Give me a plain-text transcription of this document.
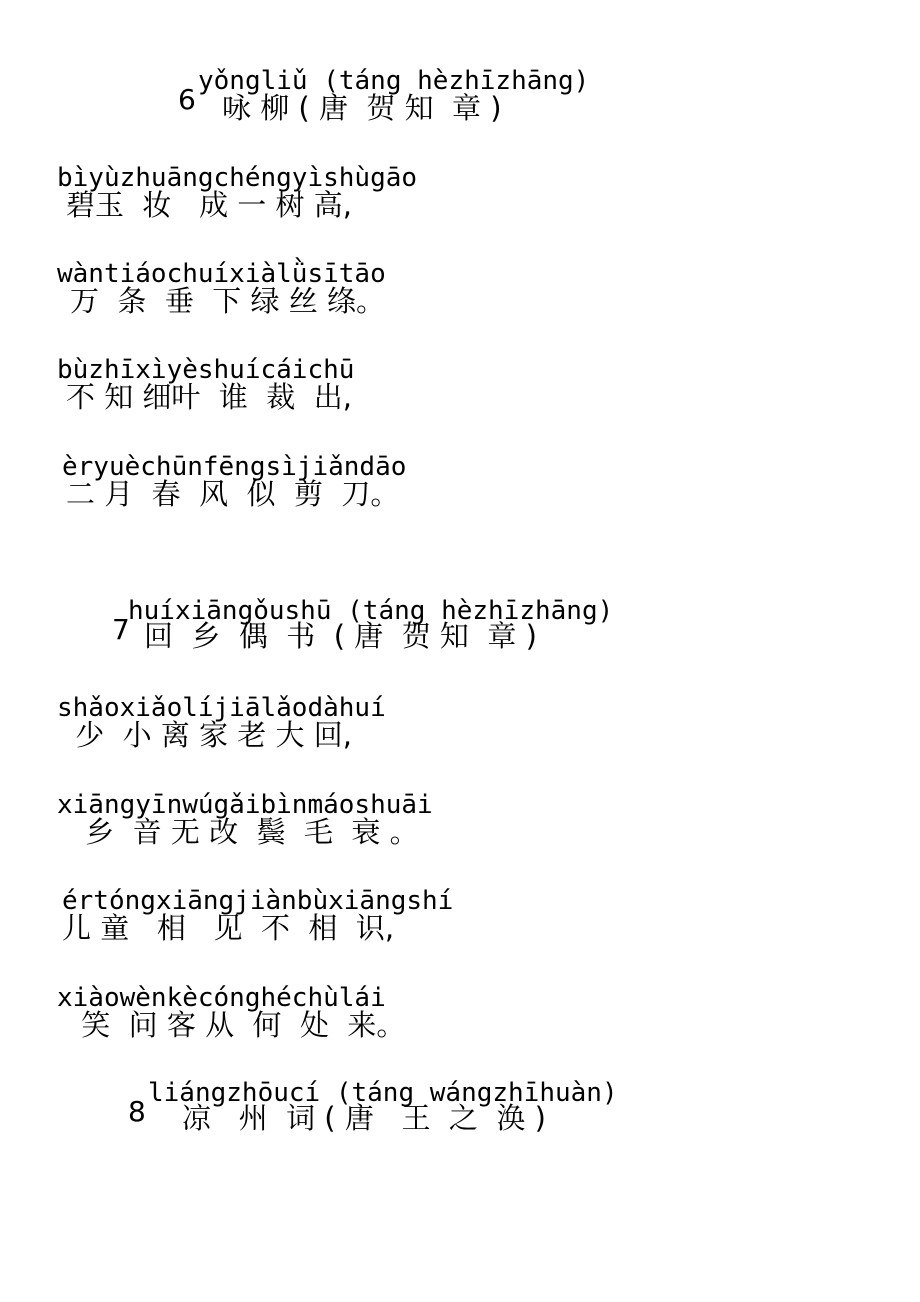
6
yǒngliǔ (táng hèzhīzhāng)
咏 柳 ( 唐  贺 知  章 )
bìyùzhuāngchéngyìshùgāo
碧玉  妆   成 一 树 高,
wàntiáochuíxiàlǜsītāo
万  条  垂  下 绿 丝 绦。
bùzhīxìyèshuícáichū
不 知 细叶  谁  裁  出,
èryuèchūnfēngsìjiǎndāo
二 月  春  风  似  剪  刀。
7
huíxiāngǒushū (táng hèzhīzhāng)
回  乡  偶  书  ( 唐  贺 知  章 )
shǎoxiǎolíjiālǎodàhuí
少  小 离 家 老 大 回,
xiāngyīnwúgǎibìnmáoshuāi
乡  音 无 改  鬓  毛  衰 。
értóngxiāngjiànbùxiāngshí
儿 童   相   见  不  相  识,
xiàowènkècónghéchùlái
笑  问 客 从  何  处  来。
8
liángzhōucí (táng wángzhīhuàn)
凉   州  词 ( 唐   王  之  涣 )
